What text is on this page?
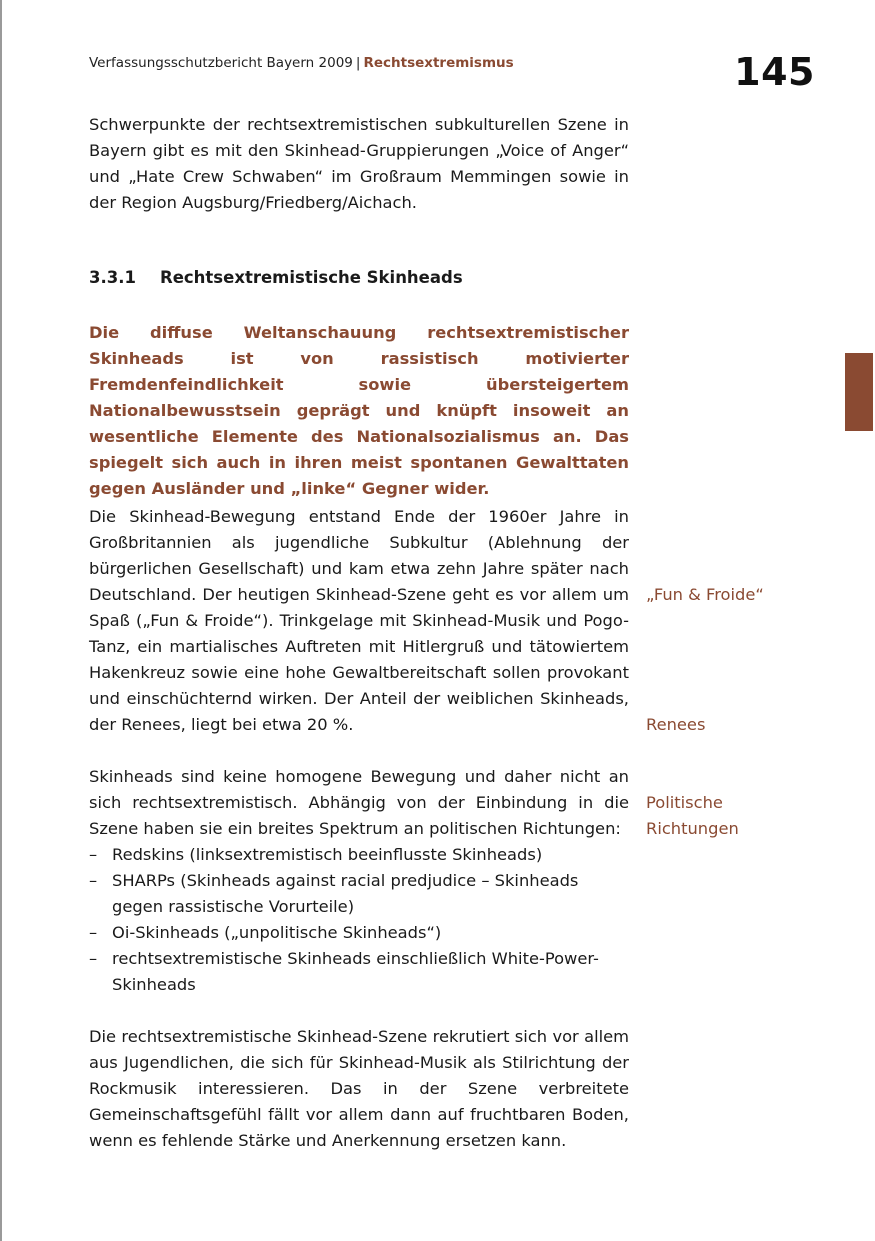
Verfassungsschutzbericht Bayern 2009 | Rechtsextremismus	145

Schwerpunkte der rechtsextremistischen subkulturellen Szene in Bayern gibt es mit den Skinhead-Gruppierungen „Voice of Anger“ und „Hate Crew Schwaben“ im Großraum Memmingen sowie in der Region Augsburg/Friedberg/Aichach.

3.3.1 Rechtsextremistische Skinheads

Die diffuse Weltanschauung rechtsextremistischer Skinheads ist von rassistisch motivierter Fremdenfeindlichkeit sowie übersteigertem Nationalbewusstsein geprägt und knüpft insoweit an wesentliche Elemente des Nationalsozialismus an. Das spiegelt sich auch in ihren meist spontanen Gewalttaten gegen Ausländer und „linke“ Gegner wider.

Die Skinhead-Bewegung entstand Ende der 1960er Jahre in Großbritannien als jugendliche Subkultur (Ablehnung der bürgerlichen Gesellschaft) und kam etwa zehn Jahre später nach Deutschland. Der heutigen Skinhead-Szene geht es vor allem um Spaß („Fun & Froide“). Trinkgelage mit Skinhead-Musik und Pogo-Tanz, ein martialisches Auftreten mit Hitlergruß und tätowiertem Hakenkreuz sowie eine hohe Gewaltbereitschaft sollen provokant und einschüchternd wirken. Der Anteil der weiblichen Skinheads, der Renees, liegt bei etwa 20 %.

Skinheads sind keine homogene Bewegung und daher nicht an sich rechtsextremistisch. Abhängig von der Einbindung in die Szene haben sie ein breites Spektrum an politischen Richtungen:

– Redskins (linksextremistisch beeinflusste Skinheads)
– SHARPs (Skinheads against racial predjudice – Skinheads gegen rassistische Vorurteile)
– Oi-Skinheads („unpolitische Skinheads“)
– rechtsextremistische Skinheads einschließlich White-Power-Skinheads

Die rechtsextremistische Skinhead-Szene rekrutiert sich vor allem aus Jugendlichen, die sich für Skinhead-Musik als Stilrichtung der Rockmusik interessieren. Das in der Szene verbreitete Gemeinschaftsgefühl fällt vor allem dann auf fruchtbaren Boden, wenn es fehlende Stärke und Anerkennung ersetzen kann.

„Fun & Froide“
Renees
Politische
Richtungen
